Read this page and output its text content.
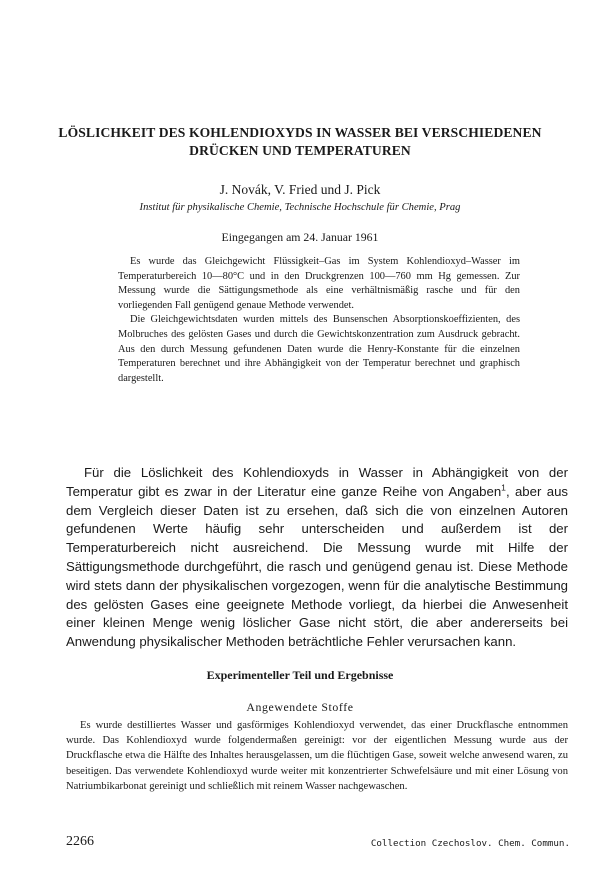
LÖSLICHKEIT DES KOHLENDIOXYDS IN WASSER BEI VERSCHIEDENEN DRÜCKEN UND TEMPERATUREN
J. Novák, V. Fried und J. Pick
Institut für physikalische Chemie, Technische Hochschule für Chemie, Prag
Eingegangen am 24. Januar 1961

Es wurde das Gleichgewicht Flüssigkeit–Gas im System Kohlendioxyd–Wasser im Temperaturbereich 10—80°C und in den Druckgrenzen 100—760 mm Hg gemessen. Zur Messung wurde die Sättigungsmethode als eine verhältnismäßig rasche und für den vorliegenden Fall genügend genaue Methode verwendet.

Die Gleichgewichtsdaten wurden mittels des Bunsenschen Absorptionskoeffizienten, des Molbruches des gelösten Gases und durch die Gewichtskonzentration zum Ausdruck gebracht. Aus den durch Messung gefundenen Daten wurde die Henry-Konstante für die einzelnen Temperaturen berechnet und ihre Abhängigkeit von der Temperatur berechnet und graphisch dargestellt.

Für die Löslichkeit des Kohlendioxyds in Wasser in Abhängigkeit von der Temperatur gibt es zwar in der Literatur eine ganze Reihe von Angaben$^1$, aber aus dem Vergleich dieser Daten ist zu ersehen, daß sich die von einzelnen Autoren gefundenen Werte häufig sehr unterscheiden und außerdem ist der Temperaturbereich nicht ausreichend. Die Messung wurde mit Hilfe der Sättigungsmethode durchgeführt, die rasch und genügend genau ist. Diese Methode wird stets dann der physikalischen vorgezogen, wenn für die analytische Bestimmung des gelösten Gases eine geeignete Methode vorliegt, da hierbei die Anwesenheit einer kleinen Menge wenig löslicher Gase nicht stört, die aber andererseits bei Anwendung physikalischer Methoden beträchtliche Fehler verursachen kann.

Experimenteller Teil und Ergebnisse
Angewendete Stoffe

Es wurde destilliertes Wasser und gasförmiges Kohlendioxyd verwendet, das einer Druckflasche entnommen wurde. Das Kohlendioxyd wurde folgendermaßen gereinigt: vor der eigentlichen Messung wurde aus der Druckflasche etwa die Hälfte des Inhaltes herausgelassen, um die flüchtigen Gase, soweit welche anwesend waren, zu beseitigen. Das verwendete Kohlendioxyd wurde weiter mit konzentrierter Schwefelsäure und mit einer Lösung von Natriumbikarbonat gereinigt und schließlich mit reinem Wasser nachgewaschen.

2266	Collection Czechoslov. Chem. Commun.
